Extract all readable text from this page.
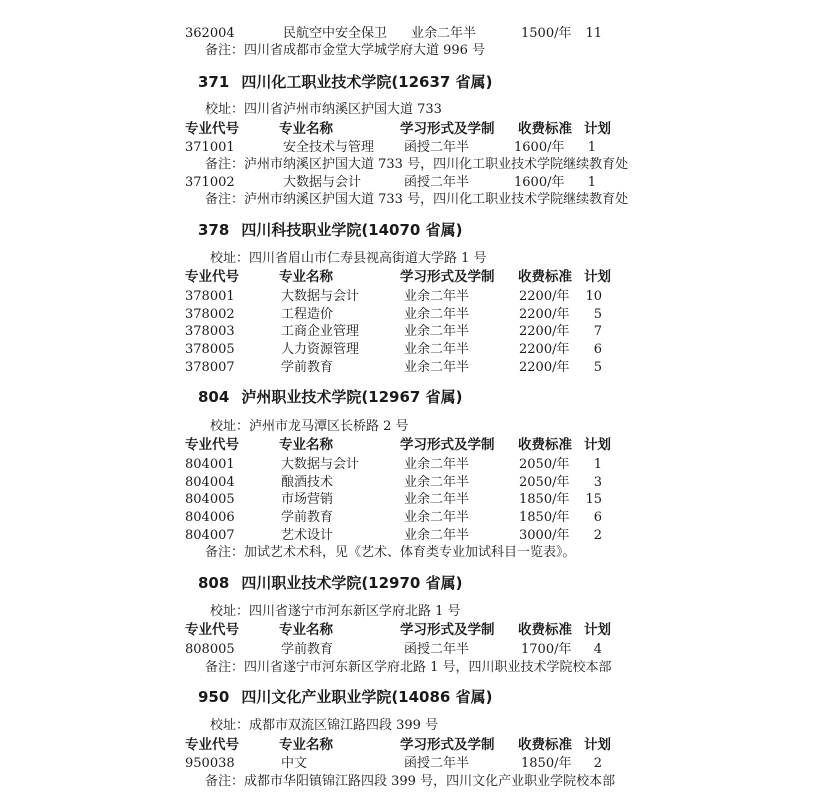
362004	民航空中安全保卫 业余二年半	1500/年	11
备注：四川省成都市金堂大学城学府大道 996 号
371 四川化工职业技术学院(12637 省属)
校址：四川省泸州市纳溪区护国大道 733
专业代号	专业名称	学习形式及学制 收费标准 计划
371001	安全技术与管理 函授二年半	1600/年	1
备注：泸州市纳溪区护国大道 733 号，四川化工职业技术学院继续教育处
371002	大数据与会计	函授二年半	1600/年	1
备注：泸州市纳溪区护国大道 733 号，四川化工职业技术学院继续教育处
378 四川科技职业学院(14070 省属)
校址：四川省眉山市仁寿县视高街道大学路 1 号
专业代号	专业名称	学习形式及学制 收费标准 计划
378001	大数据与会计	业余二年半	2200/年	10
378002	工程造价	业余二年半	2200/年	5
378003	工商企业管理	业余二年半	2200/年	7
378005	人力资源管理	业余二年半	2200/年	6
378007	学前教育	业余二年半	2200/年	5
804 泸州职业技术学院(12967 省属)
校址：泸州市龙马潭区长桥路 2 号
专业代号	专业名称	学习形式及学制 收费标准 计划
804001	大数据与会计	业余二年半	2050/年	1
804004	酿酒技术	业余二年半	2050/年	3
804005	市场营销	业余二年半	1850/年	15
804006	学前教育	业余二年半	1850/年	6
804007	艺术设计	业余二年半	3000/年	2
备注：加试艺术术科，见《艺术、体育类专业加试科目一览表》。
808 四川职业技术学院(12970 省属)
校址：四川省遂宁市河东新区学府北路 1 号
专业代号	专业名称	学习形式及学制 收费标准 计划
808005	学前教育	函授二年半	1700/年	4
备注：四川省遂宁市河东新区学府北路 1 号，四川职业技术学院校本部
950 四川文化产业职业学院(14086 省属)
校址：成都市双流区锦江路四段 399 号
专业代号	专业名称	学习形式及学制 收费标准 计划
950038	中文	函授二年半	1850/年	2
备注：成都市华阳镇锦江路四段 399 号，四川文化产业职业学院校本部
